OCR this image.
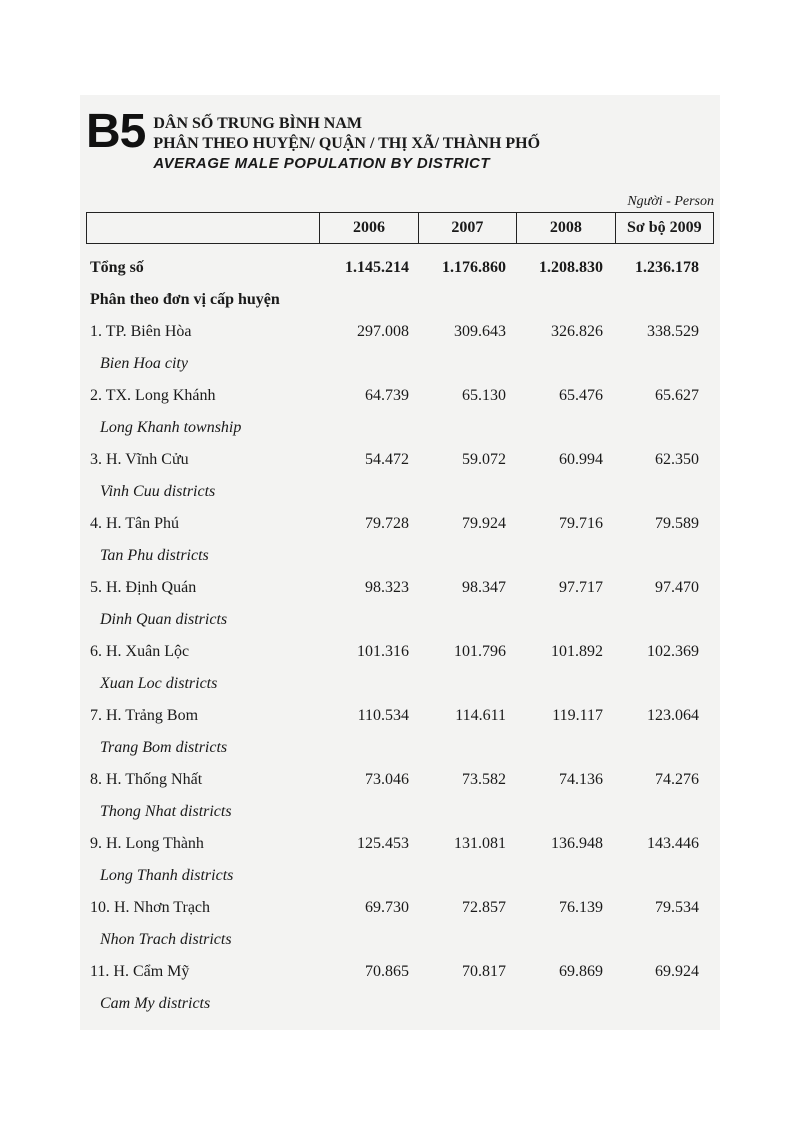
B5 DÂN SỐ TRUNG BÌNH NAM
PHÂN THEO HUYỆN/ QUẬN / THỊ XÃ/ THÀNH PHỐ
AVERAGE MALE POPULATION BY DISTRICT
Người - Person
	2006	2007	2008	Sơ bộ 2009
Tổng số	1.145.214	1.176.860	1.208.830	1.236.178
Phân theo đơn vị cấp huyện
1. TP. Biên Hòa	297.008	309.643	326.826	338.529
Bien Hoa city
2. TX. Long Khánh	64.739	65.130	65.476	65.627
Long Khanh township
3. H. Vĩnh Cửu	54.472	59.072	60.994	62.350
Vinh Cuu districts
4. H. Tân Phú	79.728	79.924	79.716	79.589
Tan Phu districts
5. H. Định Quán	98.323	98.347	97.717	97.470
Dinh Quan districts
6. H. Xuân Lộc	101.316	101.796	101.892	102.369
Xuan Loc districts
7. H. Trảng Bom	110.534	114.611	119.117	123.064
Trang Bom districts
8. H. Thống Nhất	73.046	73.582	74.136	74.276
Thong Nhat districts
9. H. Long Thành	125.453	131.081	136.948	143.446
Long Thanh districts
10. H. Nhơn Trạch	69.730	72.857	76.139	79.534
Nhon Trach districts
11. H. Cẩm Mỹ	70.865	70.817	69.869	69.924
Cam My districts
